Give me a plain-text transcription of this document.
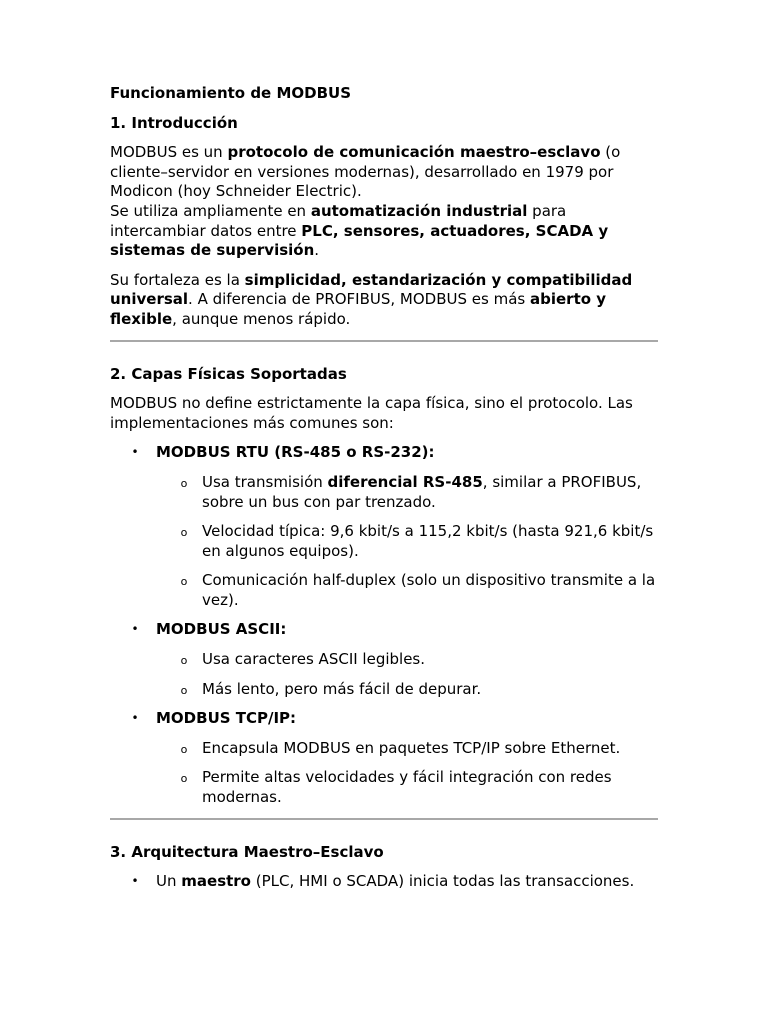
Funcionamiento de MODBUS
1. Introducción
MODBUS es un protocolo de comunicación maestro–esclavo (o cliente–servidor en versiones modernas), desarrollado en 1979 por Modicon (hoy Schneider Electric).
Se utiliza ampliamente en automatización industrial para intercambiar datos entre PLC, sensores, actuadores, SCADA y sistemas de supervisión.
Su fortaleza es la simplicidad, estandarización y compatibilidad universal. A diferencia de PROFIBUS, MODBUS es más abierto y flexible, aunque menos rápido.
2. Capas Físicas Soportadas
MODBUS no define estrictamente la capa física, sino el protocolo. Las implementaciones más comunes son:
• MODBUS RTU (RS-485 o RS-232):
o Usa transmisión diferencial RS-485, similar a PROFIBUS, sobre un bus con par trenzado.
o Velocidad típica: 9,6 kbit/s a 115,2 kbit/s (hasta 921,6 kbit/s en algunos equipos).
o Comunicación half-duplex (solo un dispositivo transmite a la vez).
• MODBUS ASCII:
o Usa caracteres ASCII legibles.
o Más lento, pero más fácil de depurar.
• MODBUS TCP/IP:
o Encapsula MODBUS en paquetes TCP/IP sobre Ethernet.
o Permite altas velocidades y fácil integración con redes modernas.
3. Arquitectura Maestro–Esclavo
• Un maestro (PLC, HMI o SCADA) inicia todas las transacciones.
